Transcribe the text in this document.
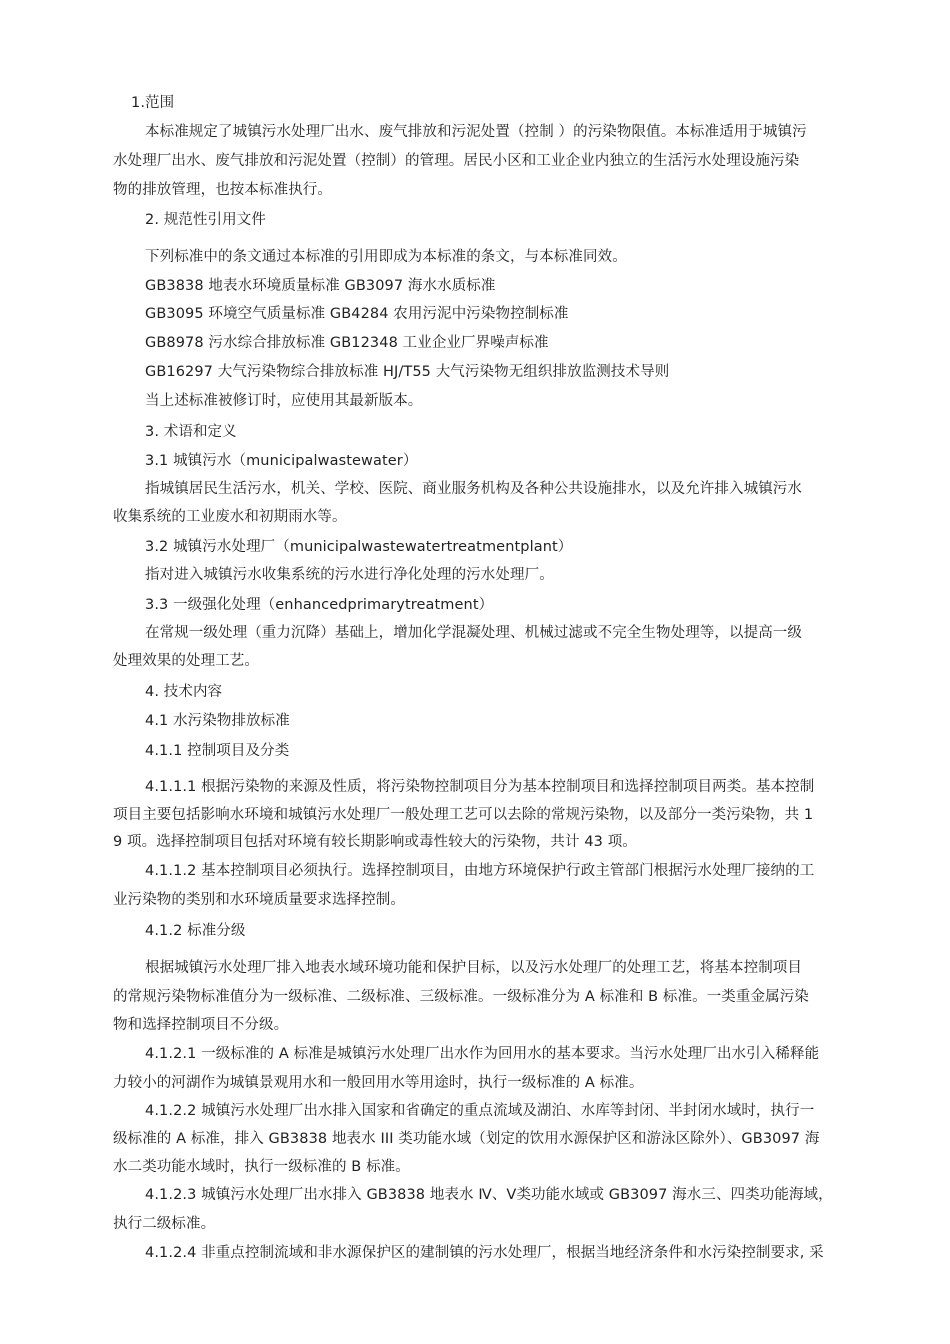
1.范围
本标准规定了城镇污水处理厂出水、废气排放和污泥处置（控制 ）的污染物限值。本标准适用于城镇污
水处理厂出水、废气排放和污泥处置（控制）的管理。居民小区和工业企业内独立的生活污水处理设施污染
物的排放管理，也按本标准执行。
2. 规范性引用文件
下列标准中的条文通过本标准的引用即成为本标准的条文，与本标准同效。
GB3838 地表水环境质量标准 GB3097 海水水质标准
GB3095 环境空气质量标准 GB4284 农用污泥中污染物控制标准
GB8978 污水综合排放标准 GB12348 工业企业厂界噪声标准
GB16297 大气污染物综合排放标准 HJ/T55 大气污染物无组织排放监测技术导则
当上述标准被修订时，应使用其最新版本。
3. 术语和定义
3.1 城镇污水（municipalwastewater）
指城镇居民生活污水，机关、学校、医院、商业服务机构及各种公共设施排水，以及允许排入城镇污水
收集系统的工业废水和初期雨水等。
3.2 城镇污水处理厂（municipalwastewatertreatmentplant）
指对进入城镇污水收集系统的污水进行净化处理的污水处理厂。
3.3 一级强化处理（enhancedprimarytreatment）
在常规一级处理（重力沉降）基础上，增加化学混凝处理、机械过滤或不完全生物处理等，以提高一级
处理效果的处理工艺。
4. 技术内容
4.1 水污染物排放标准
4.1.1 控制项目及分类
4.1.1.1 根据污染物的来源及性质，将污染物控制项目分为基本控制项目和选择控制项目两类。基本控制
项目主要包括影响水环境和城镇污水处理厂一般处理工艺可以去除的常规污染物，以及部分一类污染物，共 1
9 项。选择控制项目包括对环境有较长期影响或毒性较大的污染物，共计 43 项。
4.1.1.2 基本控制项目必须执行。选择控制项目，由地方环境保护行政主管部门根据污水处理厂接纳的工
业污染物的类别和水环境质量要求选择控制。
4.1.2 标准分级
根据城镇污水处理厂排入地表水域环境功能和保护目标，以及污水处理厂的处理工艺，将基本控制项目
的常规污染物标准值分为一级标准、二级标准、三级标准。一级标准分为 A 标准和 B 标准。一类重金属污染
物和选择控制项目不分级。
4.1.2.1 一级标准的 A 标准是城镇污水处理厂出水作为回用水的基本要求。当污水处理厂出水引入稀释能
力较小的河湖作为城镇景观用水和一般回用水等用途时，执行一级标准的 A 标准。
4.1.2.2 城镇污水处理厂出水排入国家和省确定的重点流域及湖泊、水库等封闭、半封闭水域时，执行一
级标准的 A 标准，排入 GB3838 地表水 III 类功能水域（划定的饮用水源保护区和游泳区除外）、GB3097 海
水二类功能水域时，执行一级标准的 B 标准。
4.1.2.3 城镇污水处理厂出水排入 GB3838 地表水 Ⅳ、Ⅴ类功能水域或 GB3097 海水三、四类功能海域，
执行二级标准。
4.1.2.4 非重点控制流域和非水源保护区的建制镇的污水处理厂，根据当地经济条件和水污染控制要求, 采
